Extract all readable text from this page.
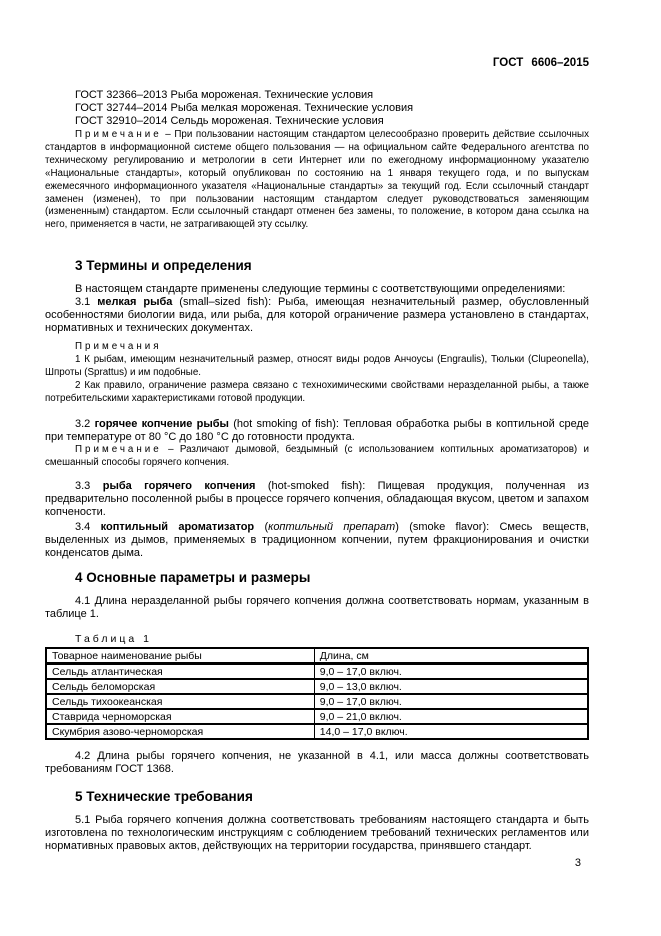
ГОСТ 6606–2015

ГОСТ 32366–2013 Рыба мороженая. Технические условия

ГОСТ 32744–2014 Рыба мелкая мороженая. Технические условия

ГОСТ 32910–2014 Сельдь мороженая. Технические условия

Примечание – При пользовании настоящим стандартом целесообразно проверить действие ссылочных стандартов в информационной системе общего пользования — на официальном сайте Федерального агентства по техническому регулированию и метрологии в сети Интернет или по ежегодному информационному указателю «Национальные стандарты», который опубликован по состоянию на 1 января текущего года, и по выпускам ежемесячного информационного указателя «Национальные стандарты» за текущий год. Если ссылочный стандарт заменен (изменен), то при пользовании настоящим стандартом следует руководствоваться заменяющим (измененным) стандартом. Если ссылочный стандарт отменен без замены, то положение, в котором дана ссылка на него, применяется в части, не затрагивающей эту ссылку.

3 Термины и определения

В настоящем стандарте применены следующие термины с соответствующими определениями:

3.1 мелкая рыба (small–sized fish): Рыба, имеющая незначительный размер, обусловленный особенностями биологии вида, или рыба, для которой ограничение размера установлено в стандартах, нормативных и технических документах.

Примечания

1 К рыбам, имеющим незначительный размер, относят виды родов Анчоусы (Engraulis), Тюльки (Clupeonella), Шпроты (Sprattus) и им подобные.

2 Как правило, ограничение размера связано с технохимическими свойствами неразделанной рыбы, а также потребительскими характеристиками готовой продукции.

3.2 горячее копчение рыбы (hot smoking of fish): Тепловая обработка рыбы в коптильной среде при температуре от 80 °С до 180 °С до готовности продукта.

Примечание – Различают дымовой, бездымный (с использованием коптильных ароматизаторов) и смешанный способы горячего копчения.

3.3 рыба горячего копчения (hot-smoked fish): Пищевая продукция, полученная из предварительно посоленной рыбы в процессе горячего копчения, обладающая вкусом, цветом и запахом копчености.

3.4 коптильный ароматизатор (коптильный препарат) (smoke flavor): Смесь веществ, выделенных из дымов, применяемых в традиционном копчении, путем фракционирования и очистки конденсатов дыма.

4 Основные параметры и размеры

4.1 Длина неразделанной рыбы горячего копчения должна соответствовать нормам, указанным в таблице 1.

Таблица 1

Товарное наименование рыбы	Длина, см
Сельдь атлантическая	9,0 – 17,0 включ.
Сельдь беломорская	9,0 – 13,0 включ.
Сельдь тихоокеанская	9,0 – 17,0 включ.
Ставрида черноморская	9,0 – 21,0 включ.
Скумбрия азово-черноморская	14,0 – 17,0 включ.

4.2 Длина рыбы горячего копчения, не указанной в 4.1, или масса должны соответствовать требованиям ГОСТ 1368.

5 Технические требования

5.1 Рыба горячего копчения должна соответствовать требованиям настоящего стандарта и быть изготовлена по технологическим инструкциям с соблюдением требований технических регламентов или нормативных правовых актов, действующих на территории государства, принявшего стандарт.

3
